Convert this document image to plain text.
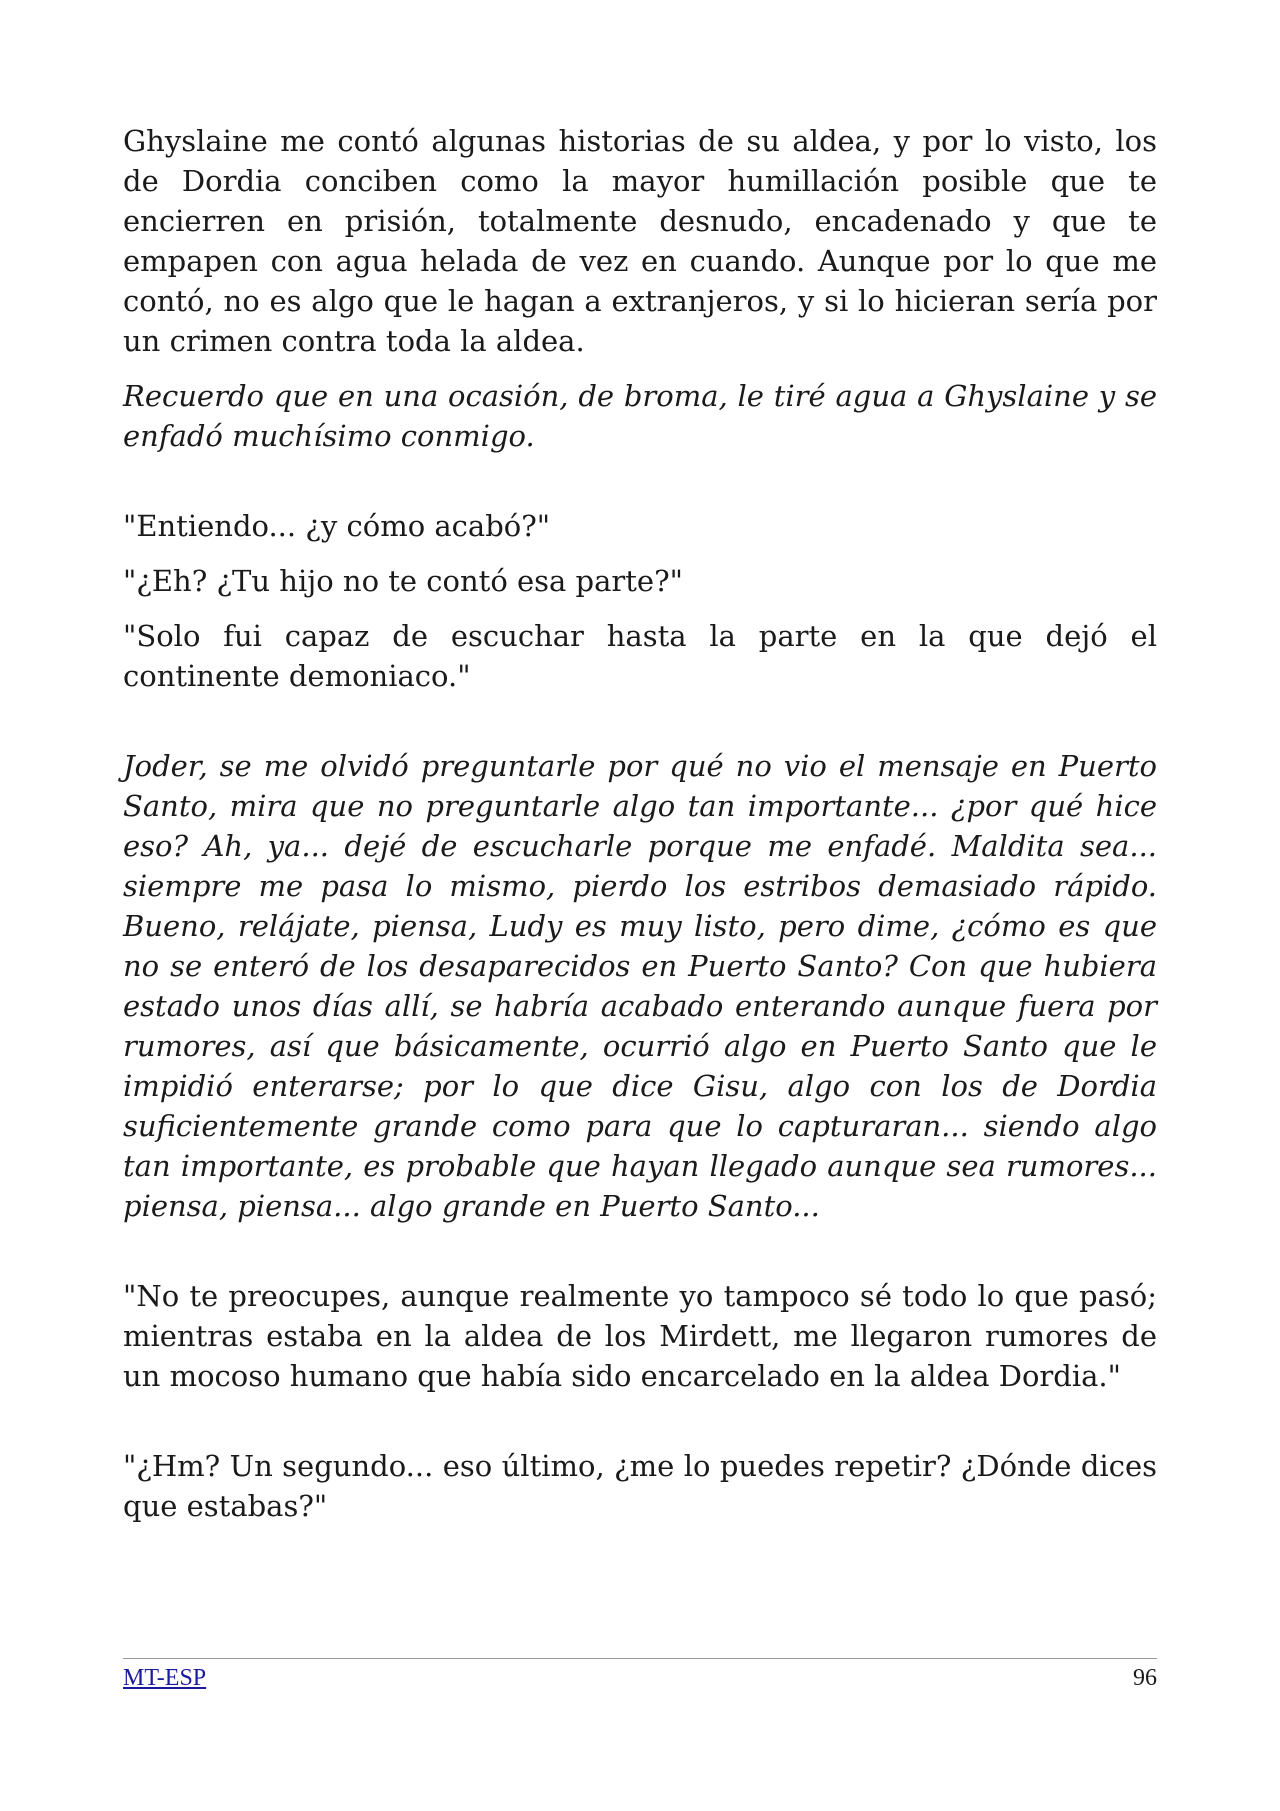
Ghyslaine me contó algunas historias de su aldea, y por lo visto, los de Dordia conciben como la mayor humillación posible que te encierren en prisión, totalmente desnudo, encadenado y que te empapen con agua helada de vez en cuando. Aunque por lo que me contó, no es algo que le hagan a extranjeros, y si lo hicieran sería por un crimen contra toda la aldea.

Recuerdo que en una ocasión, de broma, le tiré agua a Ghyslaine y se enfadó muchísimo conmigo.

"Entiendo... ¿y cómo acabó?"

"¿Eh? ¿Tu hijo no te contó esa parte?"

"Solo fui capaz de escuchar hasta la parte en la que dejó el continente demoniaco."

Joder, se me olvidó preguntarle por qué no vio el mensaje en Puerto Santo, mira que no preguntarle algo tan importante... ¿por qué hice eso? Ah, ya... dejé de escucharle porque me enfadé. Maldita sea... siempre me pasa lo mismo, pierdo los estribos demasiado rápido. Bueno, relájate, piensa, Ludy es muy listo, pero dime, ¿cómo es que no se enteró de los desaparecidos en Puerto Santo? Con que hubiera estado unos días allí, se habría acabado enterando aunque fuera por rumores, así que básicamente, ocurrió algo en Puerto Santo que le impidió enterarse; por lo que dice Gisu, algo con los de Dordia suficientemente grande como para que lo capturaran... siendo algo tan importante, es probable que hayan llegado aunque sea rumores... piensa, piensa... algo grande en Puerto Santo...

"No te preocupes, aunque realmente yo tampoco sé todo lo que pasó; mientras estaba en la aldea de los Mirdett, me llegaron rumores de un mocoso humano que había sido encarcelado en la aldea Dordia."

"¿Hm? Un segundo... eso último, ¿me lo puedes repetir? ¿Dónde dices que estabas?"

MT-ESP	96
